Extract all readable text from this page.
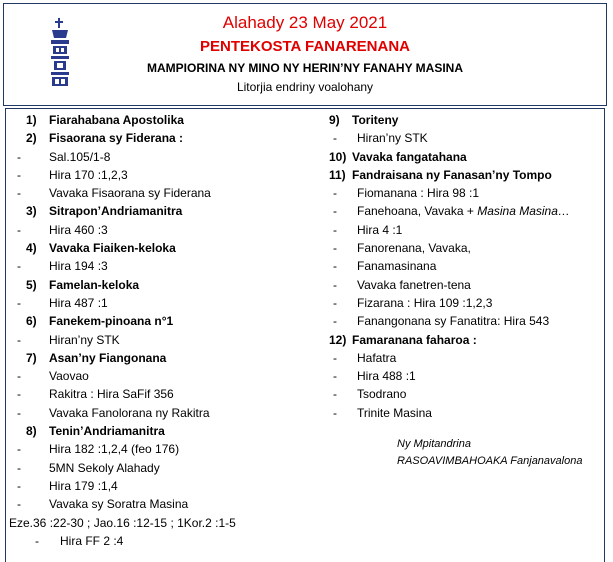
Alahady 23 May 2021
PENTEKOSTA FANARENANA
MAMPIORINA NY MINO NY HERIN’NY FANAHY MASINA
Litorjia endriny voalohany
1) Fiarahabana Apostolika
2) Fisaorana sy Fiderana :
- Sal.105/1-8
- Hira 170 :1,2,3
- Vavaka Fisaorana sy Fiderana
3) Sitrapon’Andriamanitra
- Hira 460 :3
4) Vavaka Fiaiken-keloka
- Hira 194 :3
5) Famelan-keloka
- Hira 487 :1
6) Fanekem-pinoana n°1
- Hiran’ny STK
7) Asan’ny Fiangonana
- Vaovao
- Rakitra : Hira SaFif 356
- Vavaka Fanolorana ny Rakitra
8) Tenin’Andriamanitra
- Hira 182 :1,2,4 (feo 176)
- 5MN Sekoly Alahady
- Hira 179 :1,4
- Vavaka sy Soratra Masina
Eze.36 :22-30 ; Jao.16 :12-15 ; 1Kor.2 :1-5
- Hira FF 2 :4
9) Toriteny
- Hiran’ny STK
10) Vavaka fangatahana
11) Fandraisana ny Fanasan’ny Tompo
- Fiomanana : Hira 98 :1
- Fanehoana, Vavaka + Masina Masina…
- Hira 4 :1
- Fanorenana, Vavaka,
- Fanamasinana
- Vavaka fanetren-tena
- Fizarana : Hira 109 :1,2,3
- Fanangonana sy Fanatitra: Hira 543
12) Famaranana faharoa :
- Hafatra
- Hira 488 :1
- Tsodrano
- Trinite Masina
Ny Mpitandrina
RASOAVIMBAHOAKA Fanjanavalona
